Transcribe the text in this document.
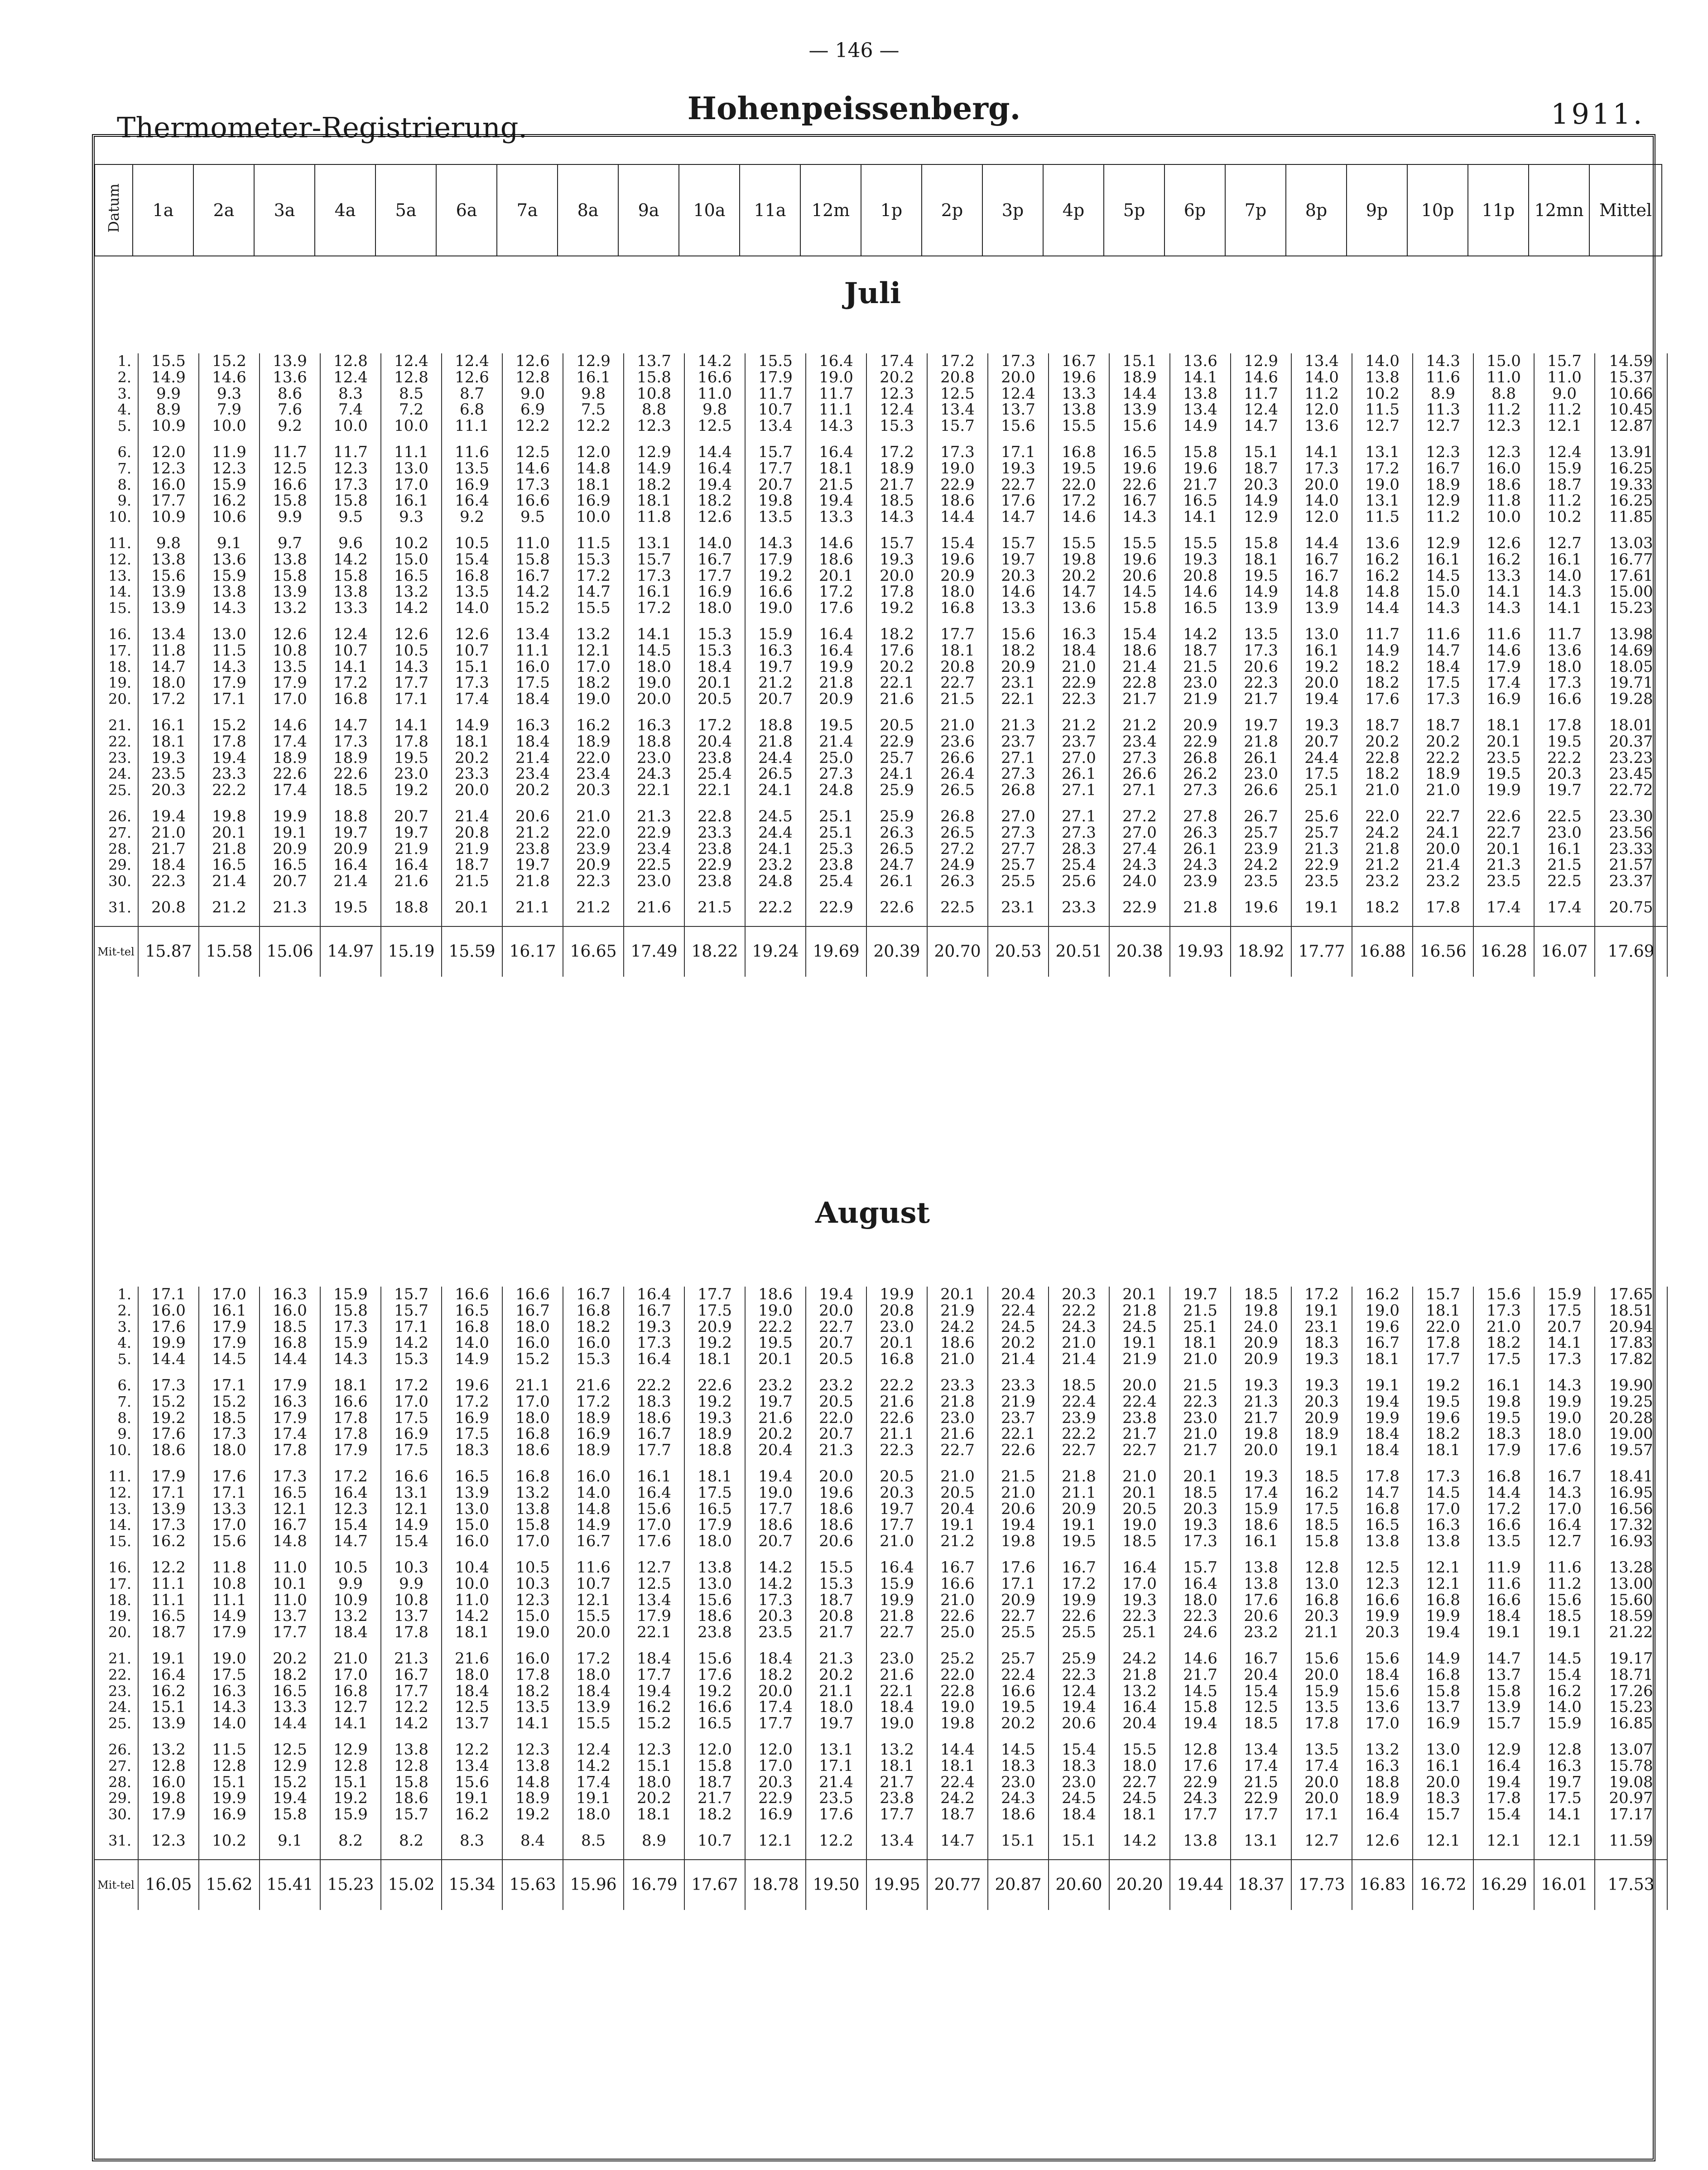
— 146 —
Thermometer-Registrierung.
Hohenpeissenberg.	1911.
Datum	1a	2a	3a	4a	5a	6a	7a	8a	9a	10a	11a	12m	1p	2p	3p	4p	5p	6p	7p	8p	9p	10p	11p	12mn	Mittel
Juli
1.	15.5	15.2	13.9	12.8	12.4	12.4	12.6	12.9	13.7	14.2	15.5	16.4	17.4	17.2	17.3	16.7	15.1	13.6	12.9	13.4	14.0	14.3	15.0	15.7	14.59
2.	14.9	14.6	13.6	12.4	12.8	12.6	12.8	16.1	15.8	16.6	17.9	19.0	20.2	20.8	20.0	19.6	18.9	14.1	14.6	14.0	13.8	11.6	11.0	11.0	15.37
3.	9.9	9.3	8.6	8.3	8.5	8.7	9.0	9.8	10.8	11.0	11.7	11.7	12.3	12.5	12.4	13.3	14.4	13.8	11.7	11.2	10.2	8.9	8.8	9.0	10.66
4.	8.9	7.9	7.6	7.4	7.2	6.8	6.9	7.5	8.8	9.8	10.7	11.1	12.4	13.4	13.7	13.8	13.9	13.4	12.4	12.0	11.5	11.3	11.2	11.2	10.45
5.	10.9	10.0	9.2	10.0	10.0	11.1	12.2	12.2	12.3	12.5	13.4	14.3	15.3	15.7	15.6	15.5	15.6	14.9	14.7	13.6	12.7	12.7	12.3	12.1	12.87

6.	12.0	11.9	11.7	11.7	11.1	11.6	12.5	12.0	12.9	14.4	15.7	16.4	17.2	17.3	17.1	16.8	16.5	15.8	15.1	14.1	13.1	12.3	12.3	12.4	13.91
7.	12.3	12.3	12.5	12.3	13.0	13.5	14.6	14.8	14.9	16.4	17.7	18.1	18.9	19.0	19.3	19.5	19.6	19.6	18.7	17.3	17.2	16.7	16.0	15.9	16.25
8.	16.0	15.9	16.6	17.3	17.0	16.9	17.3	18.1	18.2	19.4	20.7	21.5	21.7	22.9	22.7	22.0	22.6	21.7	20.3	20.0	19.0	18.9	18.6	18.7	19.33
9.	17.7	16.2	15.8	15.8	16.1	16.4	16.6	16.9	18.1	18.2	19.8	19.4	18.5	18.6	17.6	17.2	16.7	16.5	14.9	14.0	13.1	12.9	11.8	11.2	16.25
10.	10.9	10.6	9.9	9.5	9.3	9.2	9.5	10.0	11.8	12.6	13.5	13.3	14.3	14.4	14.7	14.6	14.3	14.1	12.9	12.0	11.5	11.2	10.0	10.2	11.85

11.	9.8	9.1	9.7	9.6	10.2	10.5	11.0	11.5	13.1	14.0	14.3	14.6	15.7	15.4	15.7	15.5	15.5	15.5	15.8	14.4	13.6	12.9	12.6	12.7	13.03
12.	13.8	13.6	13.8	14.2	15.0	15.4	15.8	15.3	15.7	16.7	17.9	18.6	19.3	19.6	19.7	19.8	19.6	19.3	18.1	16.7	16.2	16.1	16.2	16.1	16.77
13.	15.6	15.9	15.8	15.8	16.5	16.8	16.7	17.2	17.3	17.7	19.2	20.1	20.0	20.9	20.3	20.2	20.6	20.8	19.5	16.7	16.2	14.5	13.3	14.0	17.61
14.	13.9	13.8	13.9	13.8	13.2	13.5	14.2	14.7	16.1	16.9	16.6	17.2	17.8	18.0	14.6	14.7	14.5	14.6	14.9	14.8	14.8	15.0	14.1	14.3	15.00
15.	13.9	14.3	13.2	13.3	14.2	14.0	15.2	15.5	17.2	18.0	19.0	17.6	19.2	16.8	13.3	13.6	15.8	16.5	13.9	13.9	14.4	14.3	14.3	14.1	15.23

16.	13.4	13.0	12.6	12.4	12.6	12.6	13.4	13.2	14.1	15.3	15.9	16.4	18.2	17.7	15.6	16.3	15.4	14.2	13.5	13.0	11.7	11.6	11.6	11.7	13.98
17.	11.8	11.5	10.8	10.7	10.5	10.7	11.1	12.1	14.5	15.3	16.3	16.4	17.6	18.1	18.2	18.4	18.6	18.7	17.3	16.1	14.9	14.7	14.6	13.6	14.69
18.	14.7	14.3	13.5	14.1	14.3	15.1	16.0	17.0	18.0	18.4	19.7	19.9	20.2	20.8	20.9	21.0	21.4	21.5	20.6	19.2	18.2	18.4	17.9	18.0	18.05
19.	18.0	17.9	17.9	17.2	17.7	17.3	17.5	18.2	19.0	20.1	21.2	21.8	22.1	22.7	23.1	22.9	22.8	23.0	22.3	20.0	18.2	17.5	17.4	17.3	19.71
20.	17.2	17.1	17.0	16.8	17.1	17.4	18.4	19.0	20.0	20.5	20.7	20.9	21.6	21.5	22.1	22.3	21.7	21.9	21.7	19.4	17.6	17.3	16.9	16.6	19.28

21.	16.1	15.2	14.6	14.7	14.1	14.9	16.3	16.2	16.3	17.2	18.8	19.5	20.5	21.0	21.3	21.2	21.2	20.9	19.7	19.3	18.7	18.7	18.1	17.8	18.01
22.	18.1	17.8	17.4	17.3	17.8	18.1	18.4	18.9	18.8	20.4	21.8	21.4	22.9	23.6	23.7	23.7	23.4	22.9	21.8	20.7	20.2	20.2	20.1	19.5	20.37
23.	19.3	19.4	18.9	18.9	19.5	20.2	21.4	22.0	23.0	23.8	24.4	25.0	25.7	26.6	27.1	27.0	27.3	26.8	26.1	24.4	22.8	22.2	23.5	22.2	23.23
24.	23.5	23.3	22.6	22.6	23.0	23.3	23.4	23.4	24.3	25.4	26.5	27.3	24.1	26.4	27.3	26.1	26.6	26.2	23.0	17.5	18.2	18.9	19.5	20.3	23.45
25.	20.3	22.2	17.4	18.5	19.2	20.0	20.2	20.3	22.1	22.1	24.1	24.8	25.9	26.5	26.8	27.1	27.1	27.3	26.6	25.1	21.0	21.0	19.9	19.7	22.72

26.	19.4	19.8	19.9	18.8	20.7	21.4	20.6	21.0	21.3	22.8	24.5	25.1	25.9	26.8	27.0	27.1	27.2	27.8	26.7	25.6	22.0	22.7	22.6	22.5	23.30
27.	21.0	20.1	19.1	19.7	19.7	20.8	21.2	22.0	22.9	23.3	24.4	25.1	26.3	26.5	27.3	27.3	27.0	26.3	25.7	25.7	24.2	24.1	22.7	23.0	23.56
28.	21.7	21.8	20.9	20.9	21.9	21.9	23.8	23.9	23.4	23.8	24.1	25.3	26.5	27.2	27.7	28.3	27.4	26.1	23.9	21.3	21.8	20.0	20.1	16.1	23.33
29.	18.4	16.5	16.5	16.4	16.4	18.7	19.7	20.9	22.5	22.9	23.2	23.8	24.7	24.9	25.7	25.4	24.3	24.3	24.2	22.9	21.2	21.4	21.3	21.5	21.57
30.	22.3	21.4	20.7	21.4	21.6	21.5	21.8	22.3	23.0	23.8	24.8	25.4	26.1	26.3	25.5	25.6	24.0	23.9	23.5	23.5	23.2	23.2	23.5	22.5	23.37

31.	20.8	21.2	21.3	19.5	18.8	20.1	21.1	21.2	21.6	21.5	22.2	22.9	22.6	22.5	23.1	23.3	22.9	21.8	19.6	19.1	18.2	17.8	17.4	17.4	20.75

Mit-tel	15.87	15.58	15.06	14.97	15.19	15.59	16.17	16.65	17.49	18.22	19.24	19.69	20.39	20.70	20.53	20.51	20.38	19.93	18.92	17.77	16.88	16.56	16.28	16.07	17.69
August
1.	17.1	17.0	16.3	15.9	15.7	16.6	16.6	16.7	16.4	17.7	18.6	19.4	19.9	20.1	20.4	20.3	20.1	19.7	18.5	17.2	16.2	15.7	15.6	15.9	17.65
2.	16.0	16.1	16.0	15.8	15.7	16.5	16.7	16.8	16.7	17.5	19.0	20.0	20.8	21.9	22.4	22.2	21.8	21.5	19.8	19.1	19.0	18.1	17.3	17.5	18.51
3.	17.6	17.9	18.5	17.3	17.1	16.8	18.0	18.2	19.3	20.9	22.2	22.7	23.0	24.2	24.5	24.3	24.5	25.1	24.0	23.1	19.6	22.0	21.0	20.7	20.94
4.	19.9	17.9	16.8	15.9	14.2	14.0	16.0	16.0	17.3	19.2	19.5	20.7	20.1	18.6	20.2	21.0	19.1	18.1	20.9	18.3	16.7	17.8	18.2	14.1	17.83
5.	14.4	14.5	14.4	14.3	15.3	14.9	15.2	15.3	16.4	18.1	20.1	20.5	16.8	21.0	21.4	21.4	21.9	21.0	20.9	19.3	18.1	17.7	17.5	17.3	17.82

6.	17.3	17.1	17.9	18.1	17.2	19.6	21.1	21.6	22.2	22.6	23.2	23.2	22.2	23.3	23.3	18.5	20.0	21.5	19.3	19.3	19.1	19.2	16.1	14.3	19.90
7.	15.2	15.2	16.3	16.6	17.0	17.2	17.0	17.2	18.3	19.2	19.7	20.5	21.6	21.8	21.9	22.4	22.4	22.3	21.3	20.3	19.4	19.5	19.8	19.9	19.25
8.	19.2	18.5	17.9	17.8	17.5	16.9	18.0	18.9	18.6	19.3	21.6	22.0	22.6	23.0	23.7	23.9	23.8	23.0	21.7	20.9	19.9	19.6	19.5	19.0	20.28
9.	17.6	17.3	17.4	17.8	16.9	17.5	16.8	16.9	16.7	18.9	20.2	20.7	21.1	21.6	22.1	22.2	21.7	21.0	19.8	18.9	18.4	18.2	18.3	18.0	19.00
10.	18.6	18.0	17.8	17.9	17.5	18.3	18.6	18.9	17.7	18.8	20.4	21.3	22.3	22.7	22.6	22.7	22.7	21.7	20.0	19.1	18.4	18.1	17.9	17.6	19.57

11.	17.9	17.6	17.3	17.2	16.6	16.5	16.8	16.0	16.1	18.1	19.4	20.0	20.5	21.0	21.5	21.8	21.0	20.1	19.3	18.5	17.8	17.3	16.8	16.7	18.41
12.	17.1	17.1	16.5	16.4	13.1	13.9	13.2	14.0	16.4	17.5	19.0	19.6	20.3	20.5	21.0	21.1	20.1	18.5	17.4	16.2	14.7	14.5	14.4	14.3	16.95
13.	13.9	13.3	12.1	12.3	12.1	13.0	13.8	14.8	15.6	16.5	17.7	18.6	19.7	20.4	20.6	20.9	20.5	20.3	15.9	17.5	16.8	17.0	17.2	17.0	16.56
14.	17.3	17.0	16.7	15.4	14.9	15.0	15.8	14.9	17.0	17.9	18.6	18.6	17.7	19.1	19.4	19.1	19.0	19.3	18.6	18.5	16.5	16.3	16.6	16.4	17.32
15.	16.2	15.6	14.8	14.7	15.4	16.0	17.0	16.7	17.6	18.0	20.7	20.6	21.0	21.2	19.8	19.5	18.5	17.3	16.1	15.8	13.8	13.8	13.5	12.7	16.93

16.	12.2	11.8	11.0	10.5	10.3	10.4	10.5	11.6	12.7	13.8	14.2	15.5	16.4	16.7	17.6	16.7	16.4	15.7	13.8	12.8	12.5	12.1	11.9	11.6	13.28
17.	11.1	10.8	10.1	9.9	9.9	10.0	10.3	10.7	12.5	13.0	14.2	15.3	15.9	16.6	17.1	17.2	17.0	16.4	13.8	13.0	12.3	12.1	11.6	11.2	13.00
18.	11.1	11.1	11.0	10.9	10.8	11.0	12.3	12.1	13.4	15.6	17.3	18.7	19.9	21.0	20.9	19.9	19.3	18.0	17.6	16.8	16.6	16.8	16.6	15.6	15.60
19.	16.5	14.9	13.7	13.2	13.7	14.2	15.0	15.5	17.9	18.6	20.3	20.8	21.8	22.6	22.7	22.6	22.3	22.3	20.6	20.3	19.9	19.9	18.4	18.5	18.59
20.	18.7	17.9	17.7	18.4	17.8	18.1	19.0	20.0	22.1	23.8	23.5	21.7	22.7	25.0	25.5	25.5	25.1	24.6	23.2	21.1	20.3	19.4	19.1	19.1	21.22

21.	19.1	19.0	20.2	21.0	21.3	21.6	16.0	17.2	18.4	15.6	18.4	21.3	23.0	25.2	25.7	25.9	24.2	14.6	16.7	15.6	15.6	14.9	14.7	14.5	19.17
22.	16.4	17.5	18.2	17.0	16.7	18.0	17.8	18.0	17.7	17.6	18.2	20.2	21.6	22.0	22.4	22.3	21.8	21.7	20.4	20.0	18.4	16.8	13.7	15.4	18.71
23.	16.2	16.3	16.5	16.8	17.7	18.4	18.2	18.4	19.4	19.2	20.0	21.1	22.1	22.8	16.6	12.4	13.2	14.5	15.4	15.9	15.6	15.8	15.8	16.2	17.26
24.	15.1	14.3	13.3	12.7	12.2	12.5	13.5	13.9	16.2	16.6	17.4	18.0	18.4	19.0	19.5	19.4	16.4	15.8	12.5	13.5	13.6	13.7	13.9	14.0	15.23
25.	13.9	14.0	14.4	14.1	14.2	13.7	14.1	15.5	15.2	16.5	17.7	19.7	19.0	19.8	20.2	20.6	20.4	19.4	18.5	17.8	17.0	16.9	15.7	15.9	16.85

26.	13.2	11.5	12.5	12.9	13.8	12.2	12.3	12.4	12.3	12.0	12.0	13.1	13.2	14.4	14.5	15.4	15.5	12.8	13.4	13.5	13.2	13.0	12.9	12.8	13.07
27.	12.8	12.8	12.9	12.8	12.8	13.4	13.8	14.2	15.1	15.8	17.0	17.1	18.1	18.1	18.3	18.3	18.0	17.6	17.4	17.4	16.3	16.1	16.4	16.3	15.78
28.	16.0	15.1	15.2	15.1	15.8	15.6	14.8	17.4	18.0	18.7	20.3	21.4	21.7	22.4	23.0	23.0	22.7	22.9	21.5	20.0	18.8	20.0	19.4	19.7	19.08
29.	19.8	19.9	19.4	19.2	18.6	19.1	18.9	19.1	20.2	21.7	22.9	23.5	23.8	24.2	24.3	24.5	24.5	24.3	22.9	20.0	18.9	18.3	17.8	17.5	20.97
30.	17.9	16.9	15.8	15.9	15.7	16.2	19.2	18.0	18.1	18.2	16.9	17.6	17.7	18.7	18.6	18.4	18.1	17.7	17.7	17.1	16.4	15.7	15.4	14.1	17.17

31.	12.3	10.2	9.1	8.2	8.2	8.3	8.4	8.5	8.9	10.7	12.1	12.2	13.4	14.7	15.1	15.1	14.2	13.8	13.1	12.7	12.6	12.1	12.1	12.1	11.59

Mit-tel	16.05	15.62	15.41	15.23	15.02	15.34	15.63	15.96	16.79	17.67	18.78	19.50	19.95	20.77	20.87	20.60	20.20	19.44	18.37	17.73	16.83	16.72	16.29	16.01	17.53
